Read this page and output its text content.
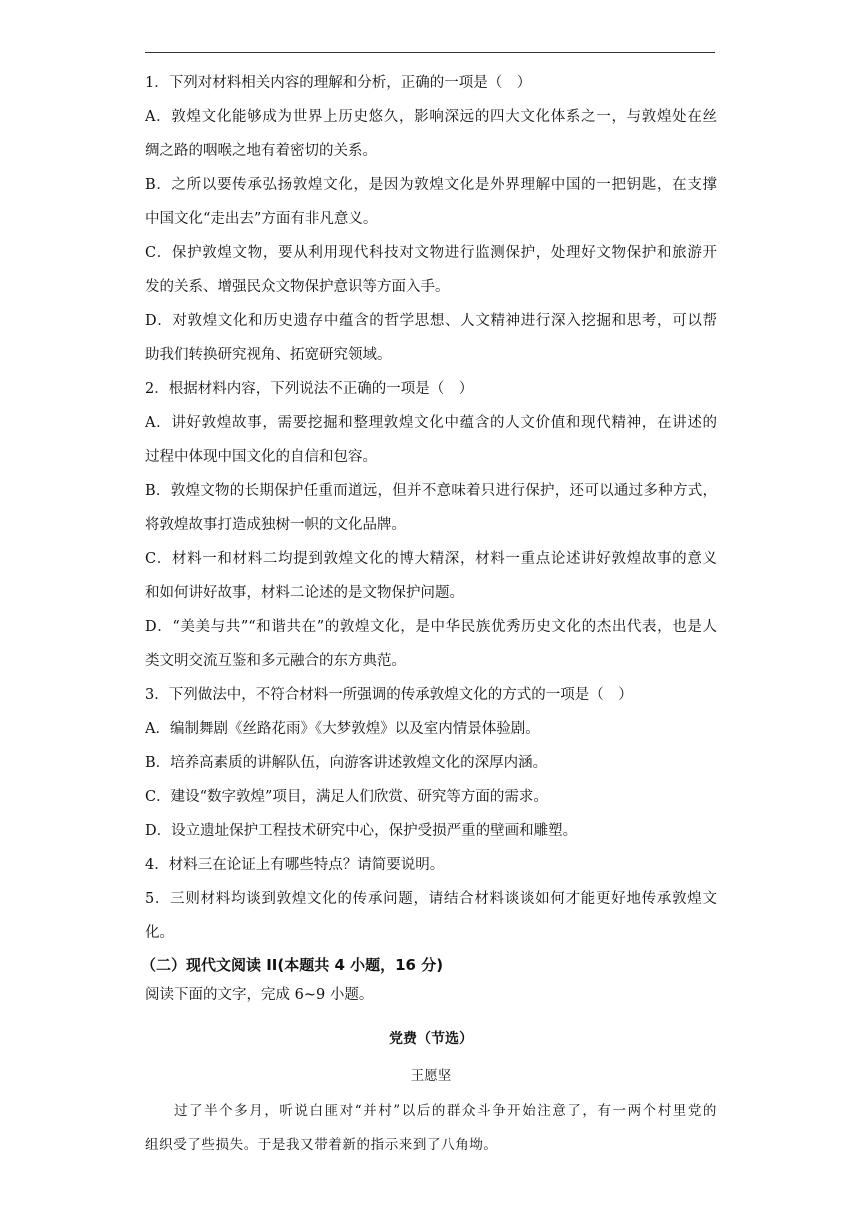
1．下列对材料相关内容的理解和分析，正确的一项是（　）
A．敦煌文化能够成为世界上历史悠久，影响深远的四大文化体系之一，与敦煌处在丝
绸之路的咽喉之地有着密切的关系。
B．之所以要传承弘扬敦煌文化，是因为敦煌文化是外界理解中国的一把钥匙，在支撑
中国文化“走出去”方面有非凡意义。
C．保护敦煌文物，要从利用现代科技对文物进行监测保护，处理好文物保护和旅游开
发的关系、增强民众文物保护意识等方面入手。
D．对敦煌文化和历史遗存中蕴含的哲学思想、人文精神进行深入挖掘和思考，可以帮
助我们转换研究视角、拓宽研究领域。
2．根据材料内容，下列说法不正确的一项是（　）
A．讲好敦煌故事，需要挖掘和整理敦煌文化中蕴含的人文价值和现代精神，在讲述的
过程中体现中国文化的自信和包容。
B．敦煌文物的长期保护任重而道远，但并不意味着只进行保护，还可以通过多种方式，
将敦煌故事打造成独树一帜的文化品牌。
C．材料一和材料二均提到敦煌文化的博大精深，材料一重点论述讲好敦煌故事的意义
和如何讲好故事，材料二论述的是文物保护问题。
D．“美美与共”“和谐共在”的敦煌文化，是中华民族优秀历史文化的杰出代表，也是人
类文明交流互鉴和多元融合的东方典范。
3．下列做法中，不符合材料一所强调的传承敦煌文化的方式的一项是（　）
A．编制舞剧《丝路花雨》《大梦敦煌》以及室内情景体验剧。
B．培养高素质的讲解队伍，向游客讲述敦煌文化的深厚内涵。
C．建设“数字敦煌”项目，满足人们欣赏、研究等方面的需求。
D．设立遗址保护工程技术研究中心，保护受损严重的壁画和雕塑。
4．材料三在论证上有哪些特点？请简要说明。
5．三则材料均谈到敦煌文化的传承问题，请结合材料谈谈如何才能更好地传承敦煌文
化。
（二）现代文阅读 II(本题共 4 小题，16 分)
阅读下面的文字，完成 6~9 小题。
党费（节选）
王愿坚
过了半个多月，听说白匪对“并村”以后的群众斗争开始注意了，有一两个村里党的
组织受了些损失。于是我又带着新的指示来到了八角坳。
